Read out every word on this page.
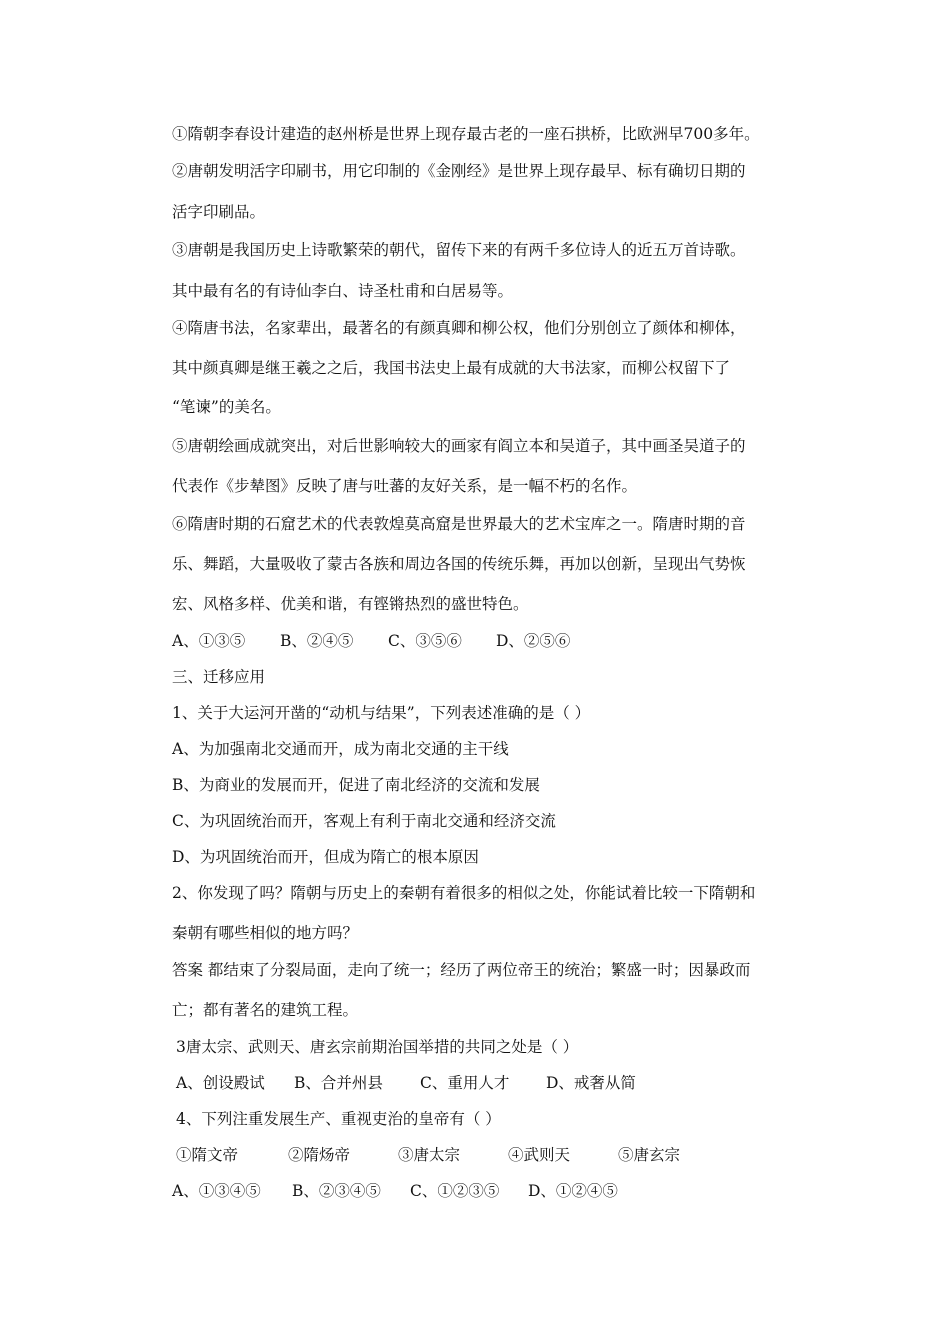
①隋朝李春设计建造的赵州桥是世界上现存最古老的一座石拱桥，比欧洲早700多年。
②唐朝发明活字印刷书，用它印制的《金刚经》是世界上现存最早、标有确切日期的
活字印刷品。
③唐朝是我国历史上诗歌繁荣的朝代，留传下来的有两千多位诗人的近五万首诗歌。
其中最有名的有诗仙李白、诗圣杜甫和白居易等。
④隋唐书法，名家辈出，最著名的有颜真卿和柳公权，他们分别创立了颜体和柳体，
其中颜真卿是继王羲之之后，我国书法史上最有成就的大书法家，而柳公权留下了
“笔谏”的美名。
⑤唐朝绘画成就突出，对后世影响较大的画家有阎立本和吴道子，其中画圣吴道子的
代表作《步辇图》反映了唐与吐蕃的友好关系，是一幅不朽的名作。
⑥隋唐时期的石窟艺术的代表敦煌莫高窟是世界最大的艺术宝库之一。隋唐时期的音
乐、舞蹈，大量吸收了蒙古各族和周边各国的传统乐舞，再加以创新，呈现出气势恢
宏、风格多样、优美和谐，有铿锵热烈的盛世特色。
A、①③⑤ B、②④⑤ C、③⑤⑥ D、②⑤⑥
三、迁移应用
1、关于大运河开凿的“动机与结果”，下列表述准确的是（ ）
A、为加强南北交通而开，成为南北交通的主干线
B、为商业的发展而开，促进了南北经济的交流和发展
C、为巩固统治而开，客观上有利于南北交通和经济交流
D、为巩固统治而开，但成为隋亡的根本原因
2、你发现了吗？隋朝与历史上的秦朝有着很多的相似之处，你能试着比较一下隋朝和
秦朝有哪些相似的地方吗？
答案 都结束了分裂局面，走向了统一；经历了两位帝王的统治；繁盛一时；因暴政而
亡；都有著名的建筑工程。
3唐太宗、武则天、唐玄宗前期治国举措的共同之处是（ ）
A、创设殿试 B、合并州县 C、重用人才 D、戒奢从简
4、下列注重发展生产、重视吏治的皇帝有（ ）
①隋文帝	②隋炀帝	③唐太宗	④武则天	⑤唐玄宗
A、①③④⑤ B、②③④⑤ C、①②③⑤ D、①②④⑤
